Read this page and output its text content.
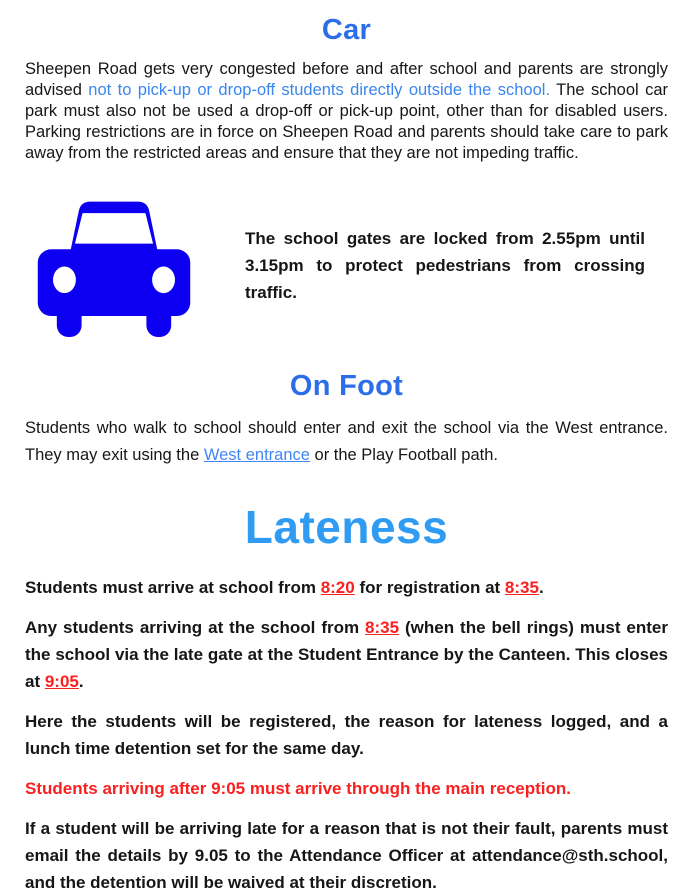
Car

Sheepen Road gets very congested before and after school and parents are strongly advised not to pick-up or drop-off students directly outside the school. The school car park must also not be used a drop-off or pick-up point, other than for disabled users. Parking restrictions are in force on Sheepen Road and parents should take care to park away from the restricted areas and ensure that they are not impeding traffic.

The school gates are locked from 2.55pm until 3.15pm to protect pedestrians from crossing traffic.

On Foot

Students who walk to school should enter and exit the school via the West entrance. They may exit using the West entrance or the Play Football path.

Lateness

Students must arrive at school from 8:20 for registration at 8:35.

Any students arriving at the school from 8:35 (when the bell rings) must enter the school via the late gate at the Student Entrance by the Canteen. This closes at 9:05.

Here the students will be registered, the reason for lateness logged, and a lunch time detention set for the same day.

Students arriving after 9:05 must arrive through the main reception.

If a student will be arriving late for a reason that is not their fault, parents must email the details by 9.05 to the Attendance Officer at attendance@sth.school, and the detention will be waived at their discretion.
